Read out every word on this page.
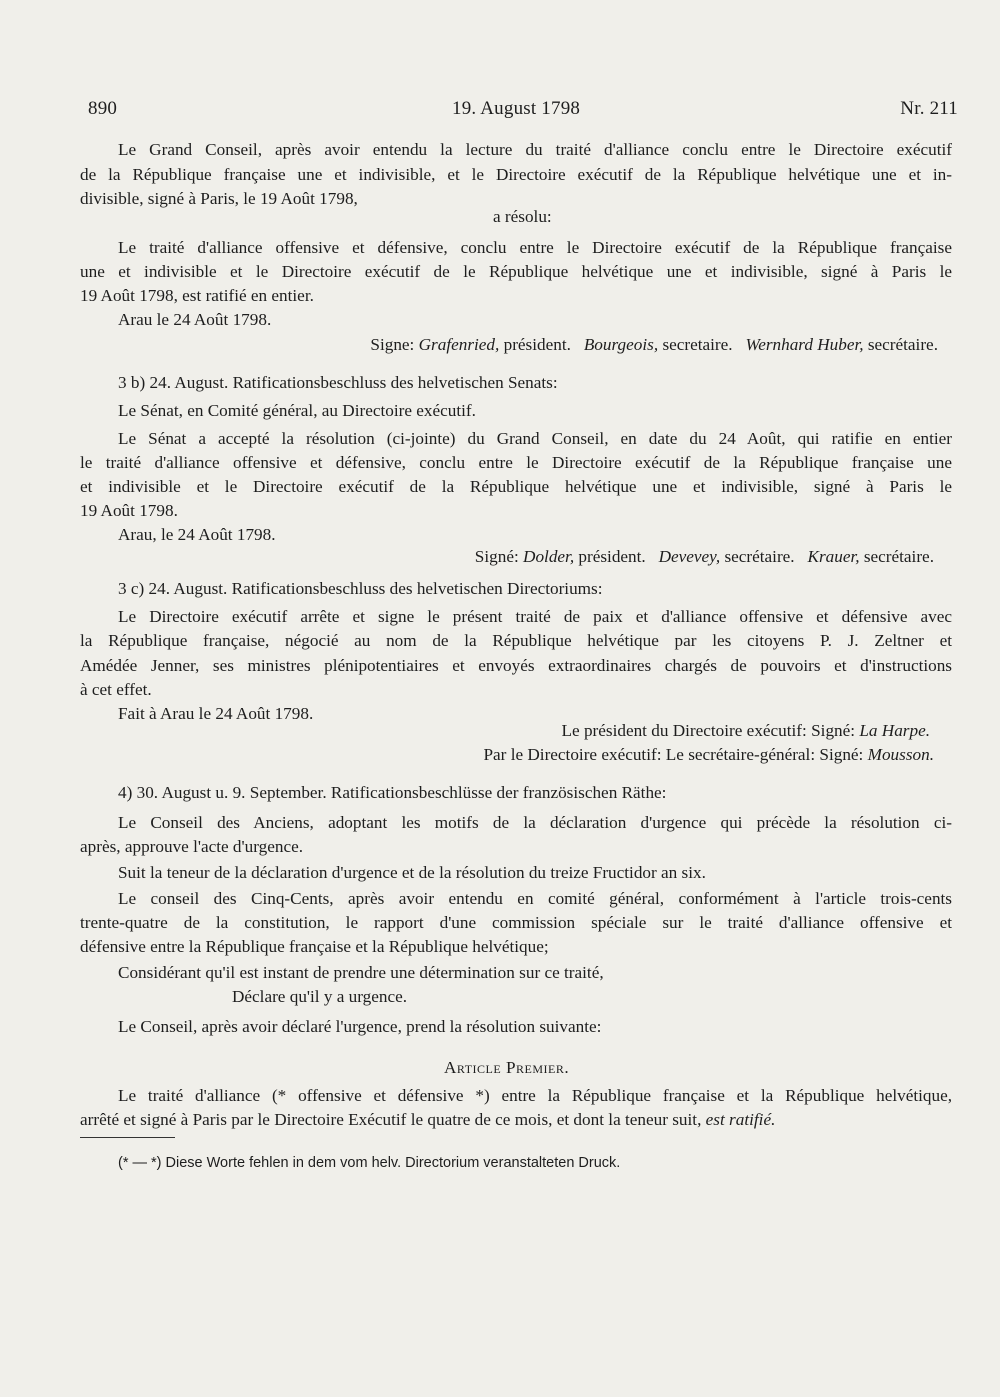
890	19. August 1798	Nr. 211
Le Grand Conseil, après avoir entendu la lecture du traité d'alliance conclu entre le Directoire exécutif
de la République française une et indivisible, et le Directoire exécutif de la République helvétique une et in-
divisible, signé à Paris, le 19 Août 1798,
a résolu:
Le traité d'alliance offensive et défensive, conclu entre le Directoire exécutif de la République française
une et indivisible et le Directoire exécutif de le République helvétique une et indivisible, signé à Paris le
19 Août 1798, est ratifié en entier.
Arau le 24 Août 1798.
Signe: Grafenried, président. Bourgeois, secretaire. Wernhard Huber, secrétaire.
3 b) 24. August. Ratificationsbeschluss des helvetischen Senats:
Le Sénat, en Comité général, au Directoire exécutif.
Le Sénat a accepté la résolution (ci-jointe) du Grand Conseil, en date du 24 Août, qui ratifie en entier
le traité d'alliance offensive et défensive, conclu entre le Directoire exécutif de la République française une
et indivisible et le Directoire exécutif de la République helvétique une et indivisible, signé à Paris le
19 Août 1798.
Arau, le 24 Août 1798.
Signé: Dolder, président. Devevey, secrétaire. Krauer, secrétaire.
3 c) 24. August. Ratificationsbeschluss des helvetischen Directoriums:
Le Directoire exécutif arrête et signe le présent traité de paix et d'alliance offensive et défensive avec
la République française, négocié au nom de la République helvétique par les citoyens P. J. Zeltner et
Amédée Jenner, ses ministres plénipotentiaires et envoyés extraordinaires chargés de pouvoirs et d'instructions
à cet effet.
Fait à Arau le 24 Août 1798.
Le président du Directoire exécutif: Signé: La Harpe.
Par le Directoire exécutif: Le secrétaire-général: Signé: Mousson.
4) 30. August u. 9. September. Ratificationsbeschlüsse der französischen Räthe:
Le Conseil des Anciens, adoptant les motifs de la déclaration d'urgence qui précède la résolution ci-
après, approuve l'acte d'urgence.
Suit la teneur de la déclaration d'urgence et de la résolution du treize Fructidor an six.
Le conseil des Cinq-Cents, après avoir entendu en comité général, conformément à l'article trois-cents
trente-quatre de la constitution, le rapport d'une commission spéciale sur le traité d'alliance offensive et
défensive entre la République française et la République helvétique;
Considérant qu'il est instant de prendre une détermination sur ce traité,
Déclare qu'il y a urgence.
Le Conseil, après avoir déclaré l'urgence, prend la résolution suivante:
Article Premier.
Le traité d'alliance (* offensive et défensive *) entre la République française et la République helvétique,
arrêté et signé à Paris par le Directoire Exécutif le quatre de ce mois, et dont la teneur suit, est ratifié.
(* — *) Diese Worte fehlen in dem vom helv. Directorium veranstalteten Druck.
